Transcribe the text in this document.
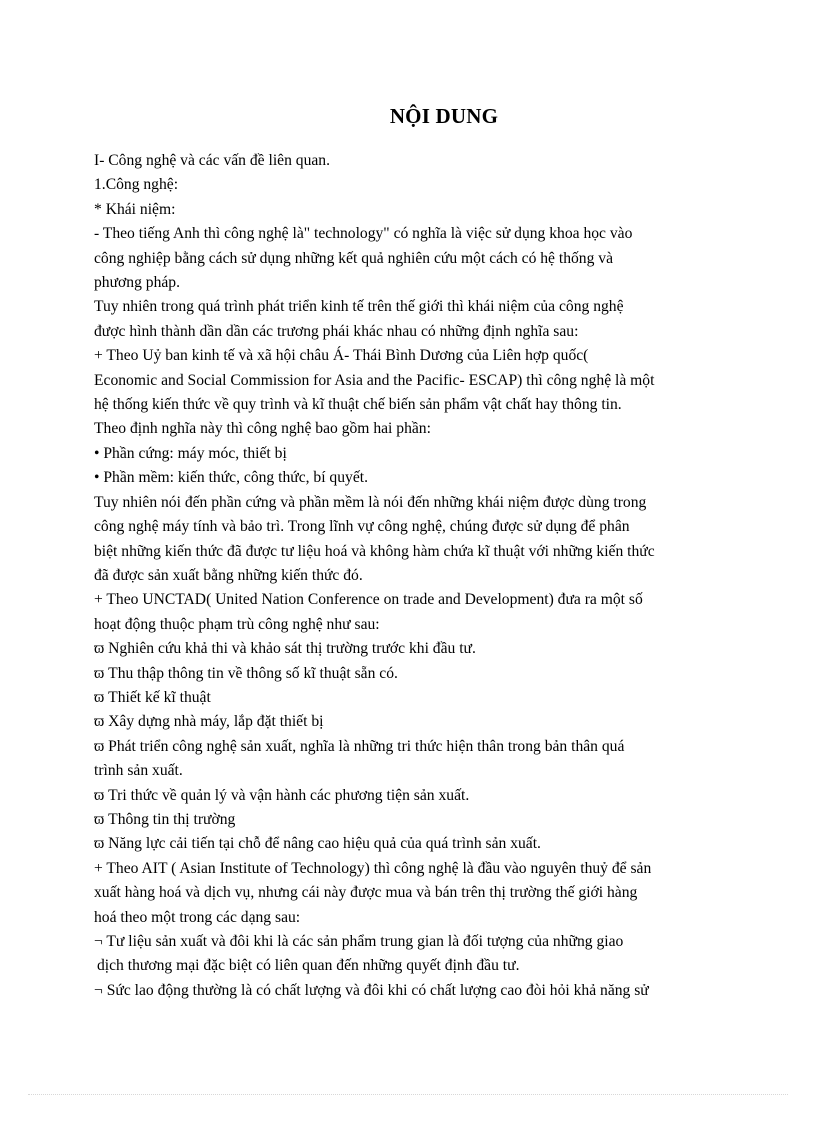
NỘI DUNG

I- Công nghệ và các vấn đề liên quan.

1.Công nghệ:

* Khái niệm:

- Theo tiếng Anh thì công nghệ là" technology" có nghĩa là việc sử dụng khoa học vào

công nghiệp bằng cách sử dụng những kết quả nghiên cứu một cách có hệ thống và

phương pháp.

Tuy nhiên trong quá trình phát triển kinh tế trên thế giới thì khái niệm của công nghệ

được hình thành dần dần các trương phái khác nhau có những định nghĩa sau:

+ Theo Uỷ ban kinh tế và xã hội châu Á- Thái Bình Dương của Liên hợp quốc(

Economic and Social Commission for Asia and the Pacific- ESCAP) thì công nghệ là một

hệ thống kiến thức về quy trình và kĩ thuật chế biến sản phẩm vật chất hay thông tin.

Theo định nghĩa này thì công nghệ bao gồm hai phần:

• Phần cứng: máy móc, thiết bị

• Phần mềm: kiến thức, công thức, bí quyết.

Tuy nhiên nói đến phần cứng và phần mềm là nói đến những khái niệm được dùng trong

công nghệ máy tính và bảo trì. Trong lĩnh vự công nghệ, chúng được sử dụng để phân

biệt những kiến thức đã được tư liệu hoá và không hàm chứa kĩ thuật với những kiến thức

đã được sản xuất bằng những kiến thức đó.

+ Theo UNCTAD( United Nation Conference on trade and Development) đưa ra một số

hoạt động thuộc phạm trù công nghệ như sau:

ϖ Nghiên cứu khả thi và khảo sát thị trường trước khi đầu tư.

ϖ Thu thập thông tin về thông số kĩ thuật sẵn có.

ϖ Thiết kế kĩ thuật

ϖ Xây dựng nhà máy, lắp đặt thiết bị

ϖ Phát triển công nghệ sản xuất, nghĩa là những tri thức hiện thân trong bản thân quá

trình sản xuất.

ϖ Tri thức về quản lý và vận hành các phương tiện sản xuất.

ϖ Thông tin thị trường

ϖ Năng lực cải tiến tại chỗ để nâng cao hiệu quả của quá trình sản xuất.

+ Theo AIT ( Asian Institute of Technology) thì công nghệ là đầu vào nguyên thuỷ để sản

xuất hàng hoá và dịch vụ, nhưng cái này được mua và bán trên thị trường thế giới hàng

hoá theo một trong các dạng sau:

¬ Tư liệu sản xuất và đôi khi là các sản phẩm trung gian là đối tượng của những giao

dịch thương mại đặc biệt có liên quan đến những quyết định đầu tư.

¬ Sức lao động thường là có chất lượng và đôi khi có chất lượng cao đòi hỏi khả năng sử
